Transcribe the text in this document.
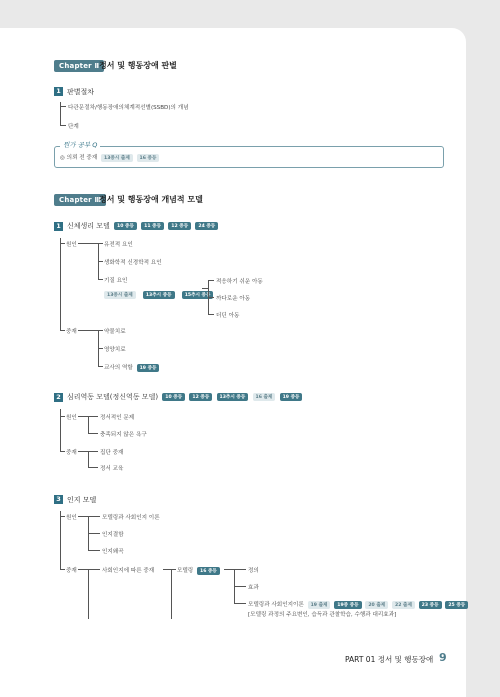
Chapter Ⅱ 정서 및 행동장애 판별
1 판별절차
다관문절차/행동장애의체계적선별(SSBD)의 개념
단계
뭔가 공부 Q
◎ 의뢰 전 중재 13중시 출제 16 중등
Chapter Ⅲ
정서 및 행동장애 개념적 모델
1 신체생리 모델 10 중등 11 중등 12 중등 24 중등
원인	유전적 요인
생화학적 신경학적 요인
기질 요인
13중시 출제	13추시 중등	15추시 중등
적응하기 쉬운 아동
까다로운 아동
더딘 아동
중재	약물치료
영양치료
교사의 역할 19 중등
2 심리역동 모델(정신역동 모델) 10 중등 12 중등 13추시 중등 16 출제 19 중등
원인	정서적인 문제
충족되지 않은 욕구
중재	집단 중재
정서 교육
3 인지 모델
원인	모델링과 사회인지 이론
인지결함
인지왜곡
중재	사회인지에 따른 중재	모델링 16 중등	정의
효과
모델링과 사회인지이론 19 출제 19중 중등 20 출제 22 출제 23 중등 25 중등
[모델링 과정의 주요변인, 습득과 관찰학습, 수행과 대리효과]
PART 01 정서 및 행동장애 9
